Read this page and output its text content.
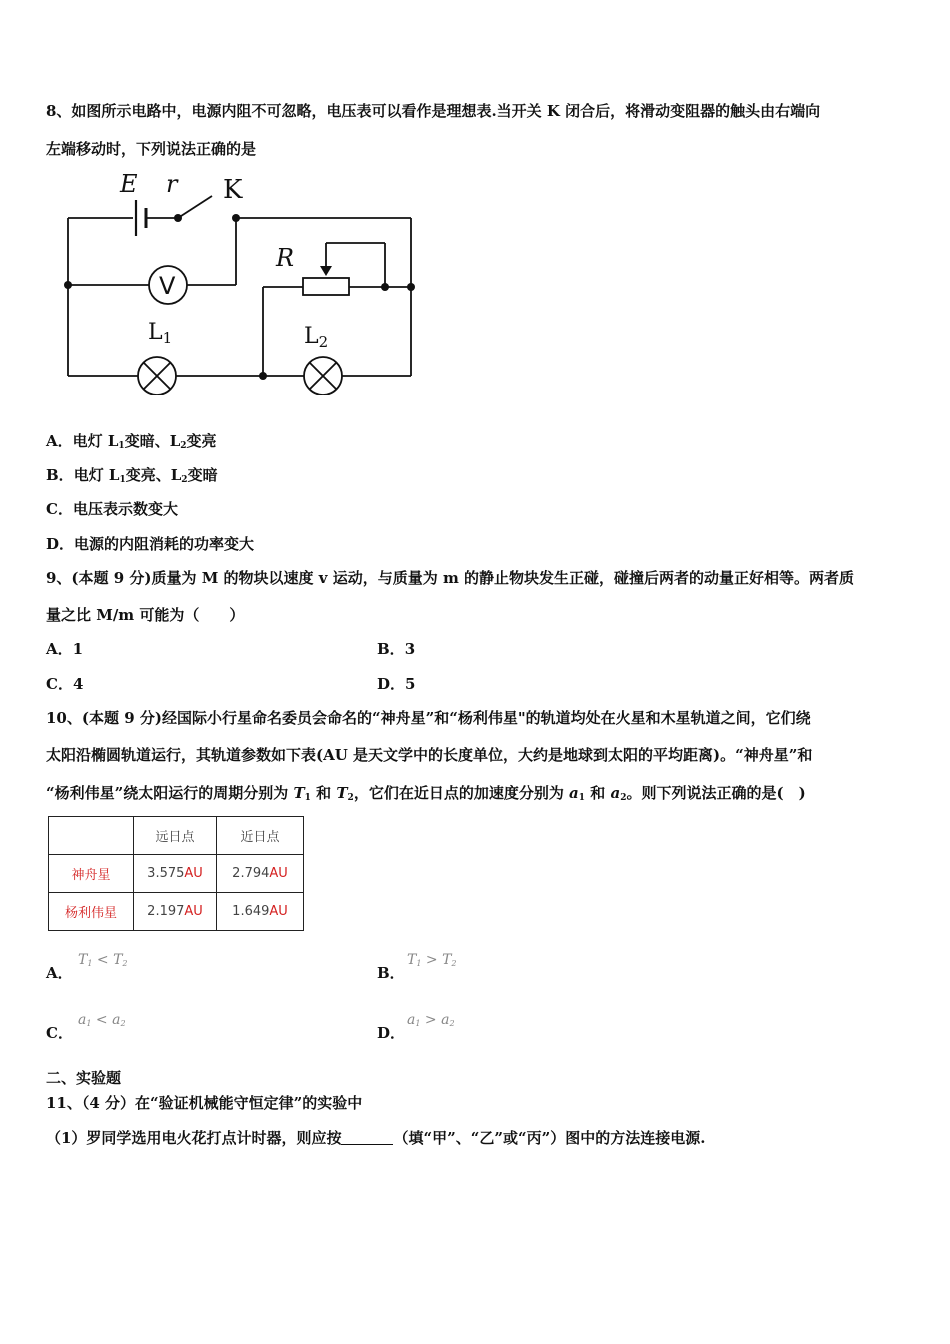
8、如图所示电路中，电源内阻不可忽略，电压表可以看作是理想表.当开关 K 闭合后，将滑动变阻器的触头由右端向
左端移动时，下列说法正确的是
E r K
R
V
L1	L2
A．电灯 $L_1$变暗、$L_2$变亮
B．电灯 $L_1$变亮、$L_2$变暗
C．电压表示数变大
D．电源的内阻消耗的功率变大
9、(本题 9 分)质量为 M 的物块以速度 v 运动，与质量为 m 的静止物块发生正碰，碰撞后两者的动量正好相等。两者质
量之比 M/m 可能为（　　）
A．1	B．3
C．4	D．5
10、(本题 9 分)经国际小行星命名委员会命名的“神舟星”和“杨利伟星"的轨道均处在火星和木星轨道之间，它们绕
太阳沿椭圆轨道运行，其轨道参数如下表(AU 是天文学中的长度单位，大约是地球到太阳的平均距离)。“神舟星”和
“杨利伟星”绕太阳运行的周期分别为 $T_1$ 和 $T_2$，它们在近日点的加速度分别为 $a_1$ 和 $a_2$。则下列说法正确的是(　)
	远日点	近日点
神舟星	3.575AU	2.794AU
杨利伟星	2.197AU	1.649AU
A．
$T_1 < T_2$
B．
$T_1 > T_2$
C．
$a_1 < a_2$
D．
$a_1 > a_2$
二、实验题
11、（4 分）在“验证机械能守恒定律”的实验中
（1）罗同学选用电火花打点计时器，则应按	（填“甲”、“乙”或“丙”）图中的方法连接电源.
